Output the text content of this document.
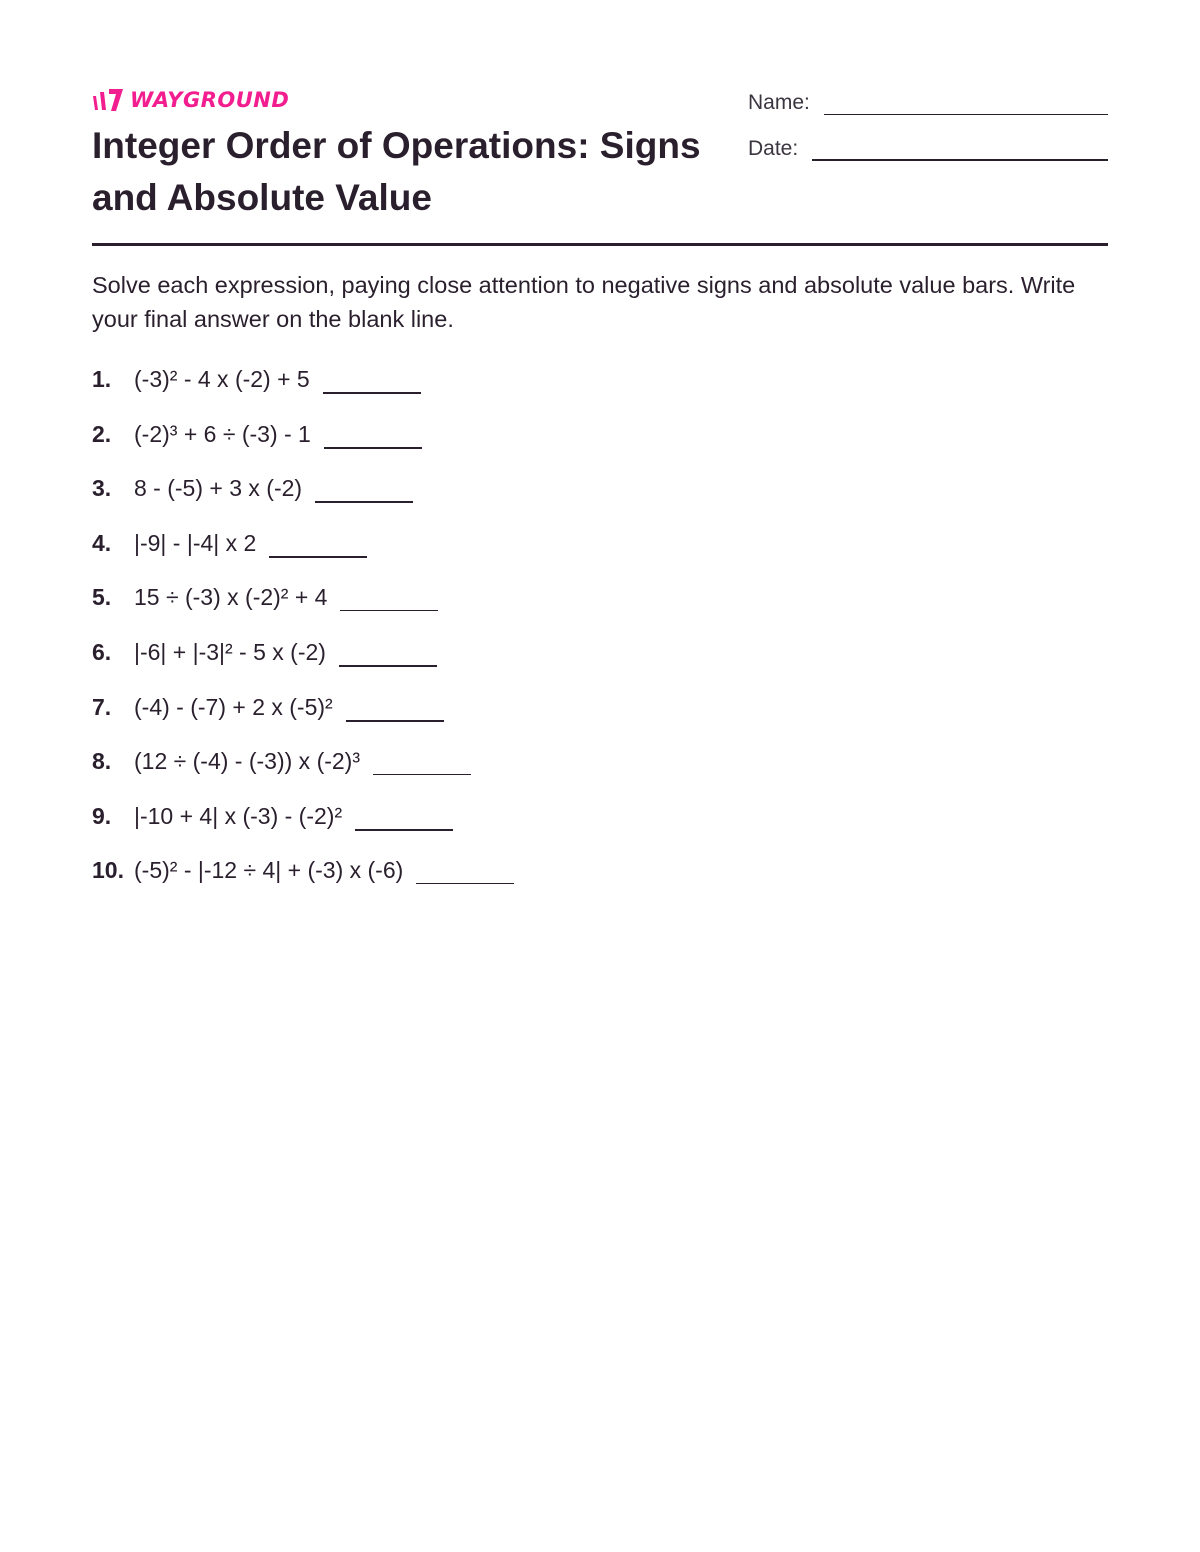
WAYGROUND
Integer Order of Operations: Signs and Absolute Value
Name:
Date:

Solve each expression, paying close attention to negative signs and absolute value bars. Write your final answer on the blank line.

1. (-3)² - 4 x (-2) + 5
2. (-2)³ + 6 ÷ (-3) - 1
3. 8 - (-5) + 3 x (-2)
4. |-9| - |-4| x 2
5. 15 ÷ (-3) x (-2)² + 4
6. |-6| + |-3|² - 5 x (-2)
7. (-4) - (-7) + 2 x (-5)²
8. (12 ÷ (-4) - (-3)) x (-2)³
9. |-10 + 4| x (-3) - (-2)²
10. (-5)² - |-12 ÷ 4| + (-3) x (-6)
